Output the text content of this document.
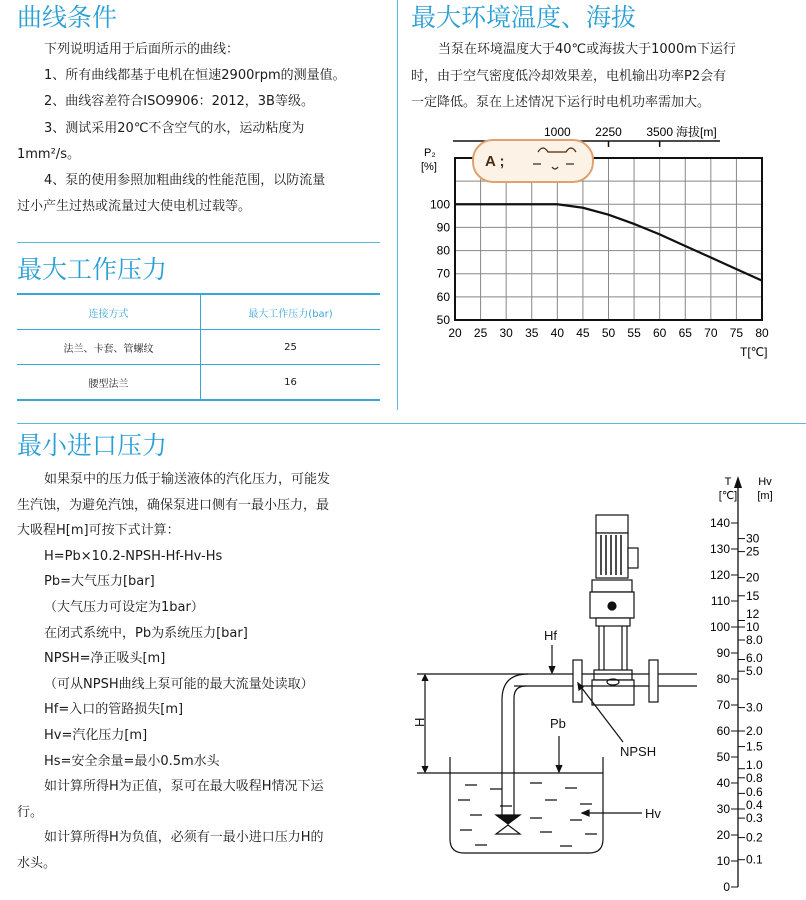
曲线条件
下列说明适用于后面所示的曲线：
1、所有曲线都基于电机在恒速2900rpm的测量值。
2、曲线容差符合ISO9906：2012，3B等级。
3、测试采用20℃不含空气的水，运动粘度为
1mm²/s。
4、泵的使用参照加粗曲线的性能范围，以防流量
过小产生过热或流量过大使电机过载等。
最大工作压力
连接方式	最大工作压力(bar)
法兰、卡套、管螺纹	25
腰型法兰	16
最大环境温度、海拔
当泵在环境温度大于40℃或海拔大于1000m下运行
时，由于空气密度低冷却效果差，电机输出功率P2会有
一定降低。泵在上述情况下运行时电机功率需加大。
20 25 30 35 40 45 50 55 60 65 70 75 80
50
60
70
80
90
100
T[℃]
P₂
[%]
1000 2250 3500 海拔[m]
A ;
最小进口压力
如果泵中的压力低于输送液体的汽化压力，可能发
生汽蚀，为避免汽蚀，确保泵进口侧有一最小压力，最
大吸程H[m]可按下式计算：
H=Pb×10.2-NPSH-Hf-Hv-Hs
Pb=大气压力[bar]
（大气压力可设定为1bar）
在闭式系统中，Pb为系统压力[bar]
NPSH=净正吸头[m]
（可从NPSH曲线上泵可能的最大流量处读取）
Hf=入口的管路损失[m]
Hv=汽化压力[m]
Hs=安全余量=最小0.5m水头
如计算所得H为正值，泵可在最大吸程H情况下运
行。
如计算所得H为负值，必须有一最小进口压力H的
水头。
Hf
H	Pb
NPSH
Hv
T
[℃]
Hv
[m]
0
10
20
30
40
50
60
70
80
90
100
110
120
130
140
0.1
0.2
0.3
0.4
0.6
0.8
1.0
1.5
2.0
3.0
5.0
6.0
8.0
10
12
15
20
25
30
